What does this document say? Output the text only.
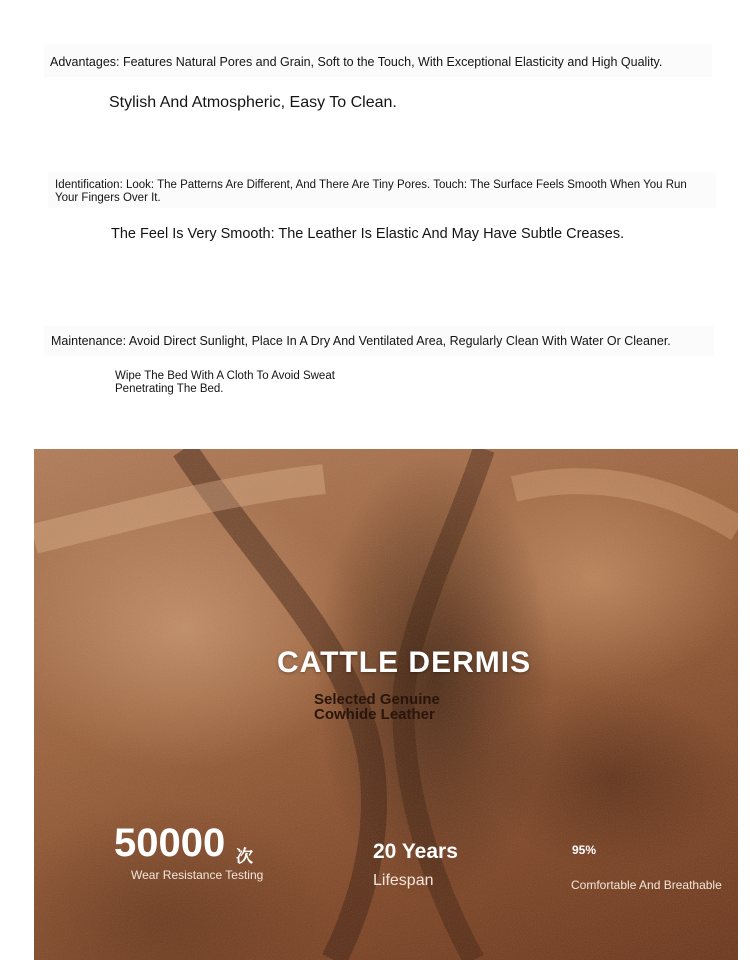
Advantages: Features Natural Pores and Grain, Soft to the Touch, With Exceptional Elasticity and High Quality.

Stylish And Atmospheric, Easy To Clean.

Identification: Look: The Patterns Are Different, And There Are Tiny Pores. Touch: The Surface Feels Smooth When You Run Your Fingers Over It.

The Feel Is Very Smooth: The Leather Is Elastic And May Have Subtle Creases.

Maintenance: Avoid Direct Sunlight, Place In A Dry And Ventilated Area, Regularly Clean With Water Or Cleaner.

Wipe The Bed With A Cloth To Avoid Sweat Penetrating The Bed.

CATTLE DERMIS

Selected Genuine Cowhide Leather

50000 次

Wear Resistance Testing

20 Years

Lifespan

95%

Comfortable And Breathable
